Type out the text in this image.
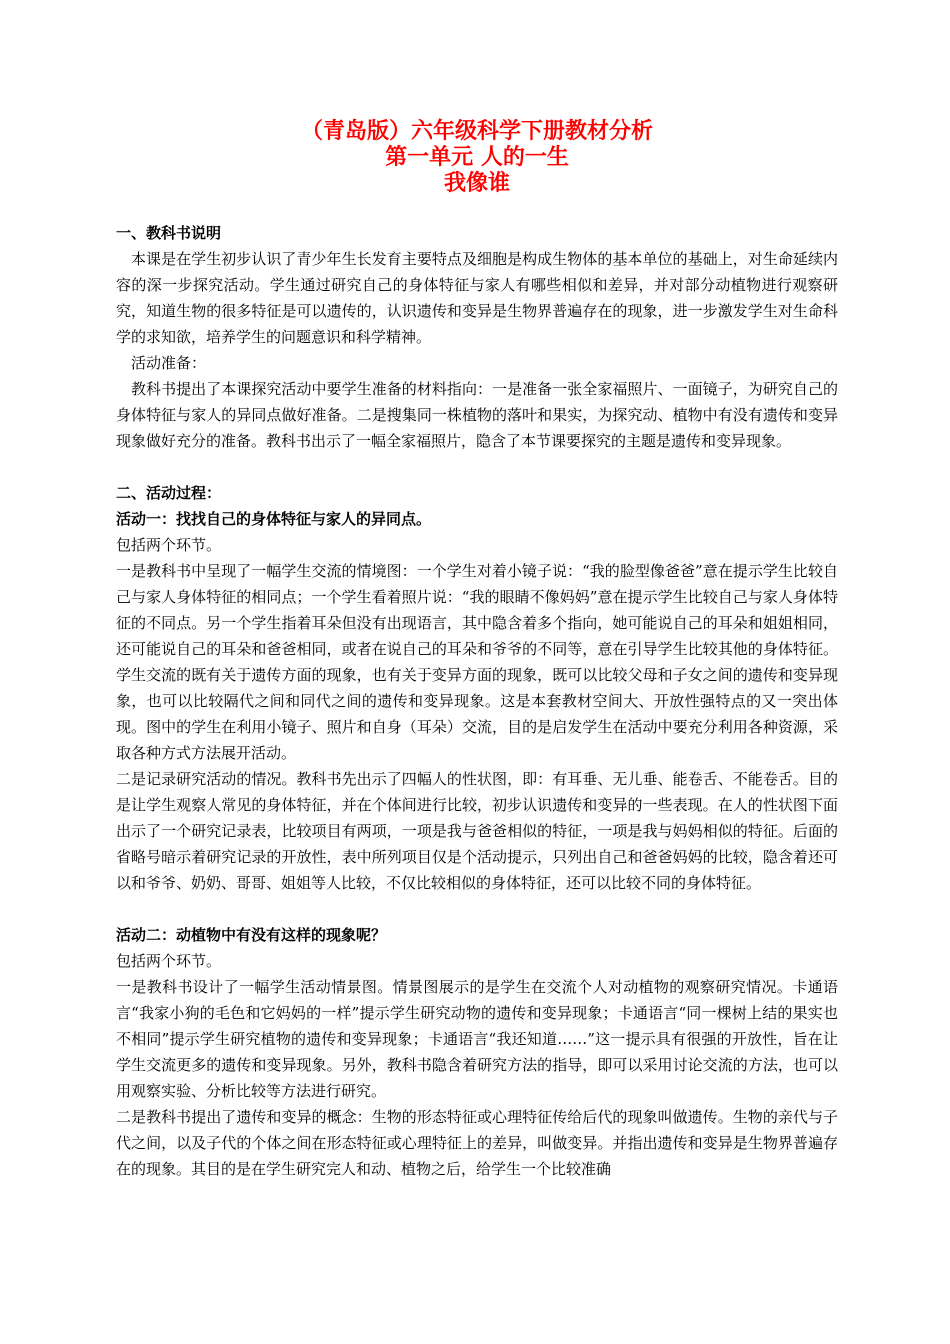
（青岛版）六年级科学下册教材分析
第一单元 人的一生
我像谁

一、教科书说明

本课是在学生初步认识了青少年生长发育主要特点及细胞是构成生物体的基本单位的基础上，对生命延续内容的深一步探究活动。学生通过研究自己的身体特征与家人有哪些相似和差异，并对部分动植物进行观察研究，知道生物的很多特征是可以遗传的，认识遗传和变异是生物界普遍存在的现象，进一步激发学生对生命科学的求知欲，培养学生的问题意识和科学精神。

活动准备：

教科书提出了本课探究活动中要学生准备的材料指向：一是准备一张全家福照片、一面镜子，为研究自己的身体特征与家人的异同点做好准备。二是搜集同一株植物的落叶和果实，为探究动、植物中有没有遗传和变异现象做好充分的准备。教科书出示了一幅全家福照片，隐含了本节课要探究的主题是遗传和变异现象。

二、活动过程：

活动一：找找自己的身体特征与家人的异同点。

包括两个环节。

一是教科书中呈现了一幅学生交流的情境图：一个学生对着小镜子说：“我的脸型像爸爸”意在提示学生比较自己与家人身体特征的相同点；一个学生看着照片说：“我的眼睛不像妈妈”意在提示学生比较自己与家人身体特征的不同点。另一个学生指着耳朵但没有出现语言，其中隐含着多个指向，她可能说自己的耳朵和姐姐相同，还可能说自己的耳朵和爸爸相同，或者在说自己的耳朵和爷爷的不同等，意在引导学生比较其他的身体特征。学生交流的既有关于遗传方面的现象，也有关于变异方面的现象，既可以比较父母和子女之间的遗传和变异现象，也可以比较隔代之间和同代之间的遗传和变异现象。这是本套教材空间大、开放性强特点的又一突出体现。图中的学生在利用小镜子、照片和自身（耳朵）交流，目的是启发学生在活动中要充分利用各种资源，采取各种方式方法展开活动。

二是记录研究活动的情况。教科书先出示了四幅人的性状图，即：有耳垂、无儿垂、能卷舌、不能卷舌。目的是让学生观察人常见的身体特征，并在个体间进行比较，初步认识遗传和变异的一些表现。在人的性状图下面出示了一个研究记录表，比较项目有两项，一项是我与爸爸相似的特征，一项是我与妈妈相似的特征。后面的省略号暗示着研究记录的开放性，表中所列项目仅是个活动提示，只列出自己和爸爸妈妈的比较，隐含着还可以和爷爷、奶奶、哥哥、姐姐等人比较，不仅比较相似的身体特征，还可以比较不同的身体特征。

活动二：动植物中有没有这样的现象呢？

包括两个环节。

一是教科书设计了一幅学生活动情景图。情景图展示的是学生在交流个人对动植物的观察研究情况。卡通语言“我家小狗的毛色和它妈妈的一样”提示学生研究动物的遗传和变异现象；卡通语言“同一棵树上结的果实也不相同”提示学生研究植物的遗传和变异现象；卡通语言“我还知道……”这一提示具有很强的开放性，旨在让学生交流更多的遗传和变异现象。另外，教科书隐含着研究方法的指导，即可以采用讨论交流的方法，也可以用观察实验、分析比较等方法进行研究。

二是教科书提出了遗传和变异的概念：生物的形态特征或心理特征传给后代的现象叫做遗传。生物的亲代与子代之间，以及子代的个体之间在形态特征或心理特征上的差异，叫做变异。并指出遗传和变异是生物界普遍存在的现象。其目的是在学生研究完人和动、植物之后，给学生一个比较准确
